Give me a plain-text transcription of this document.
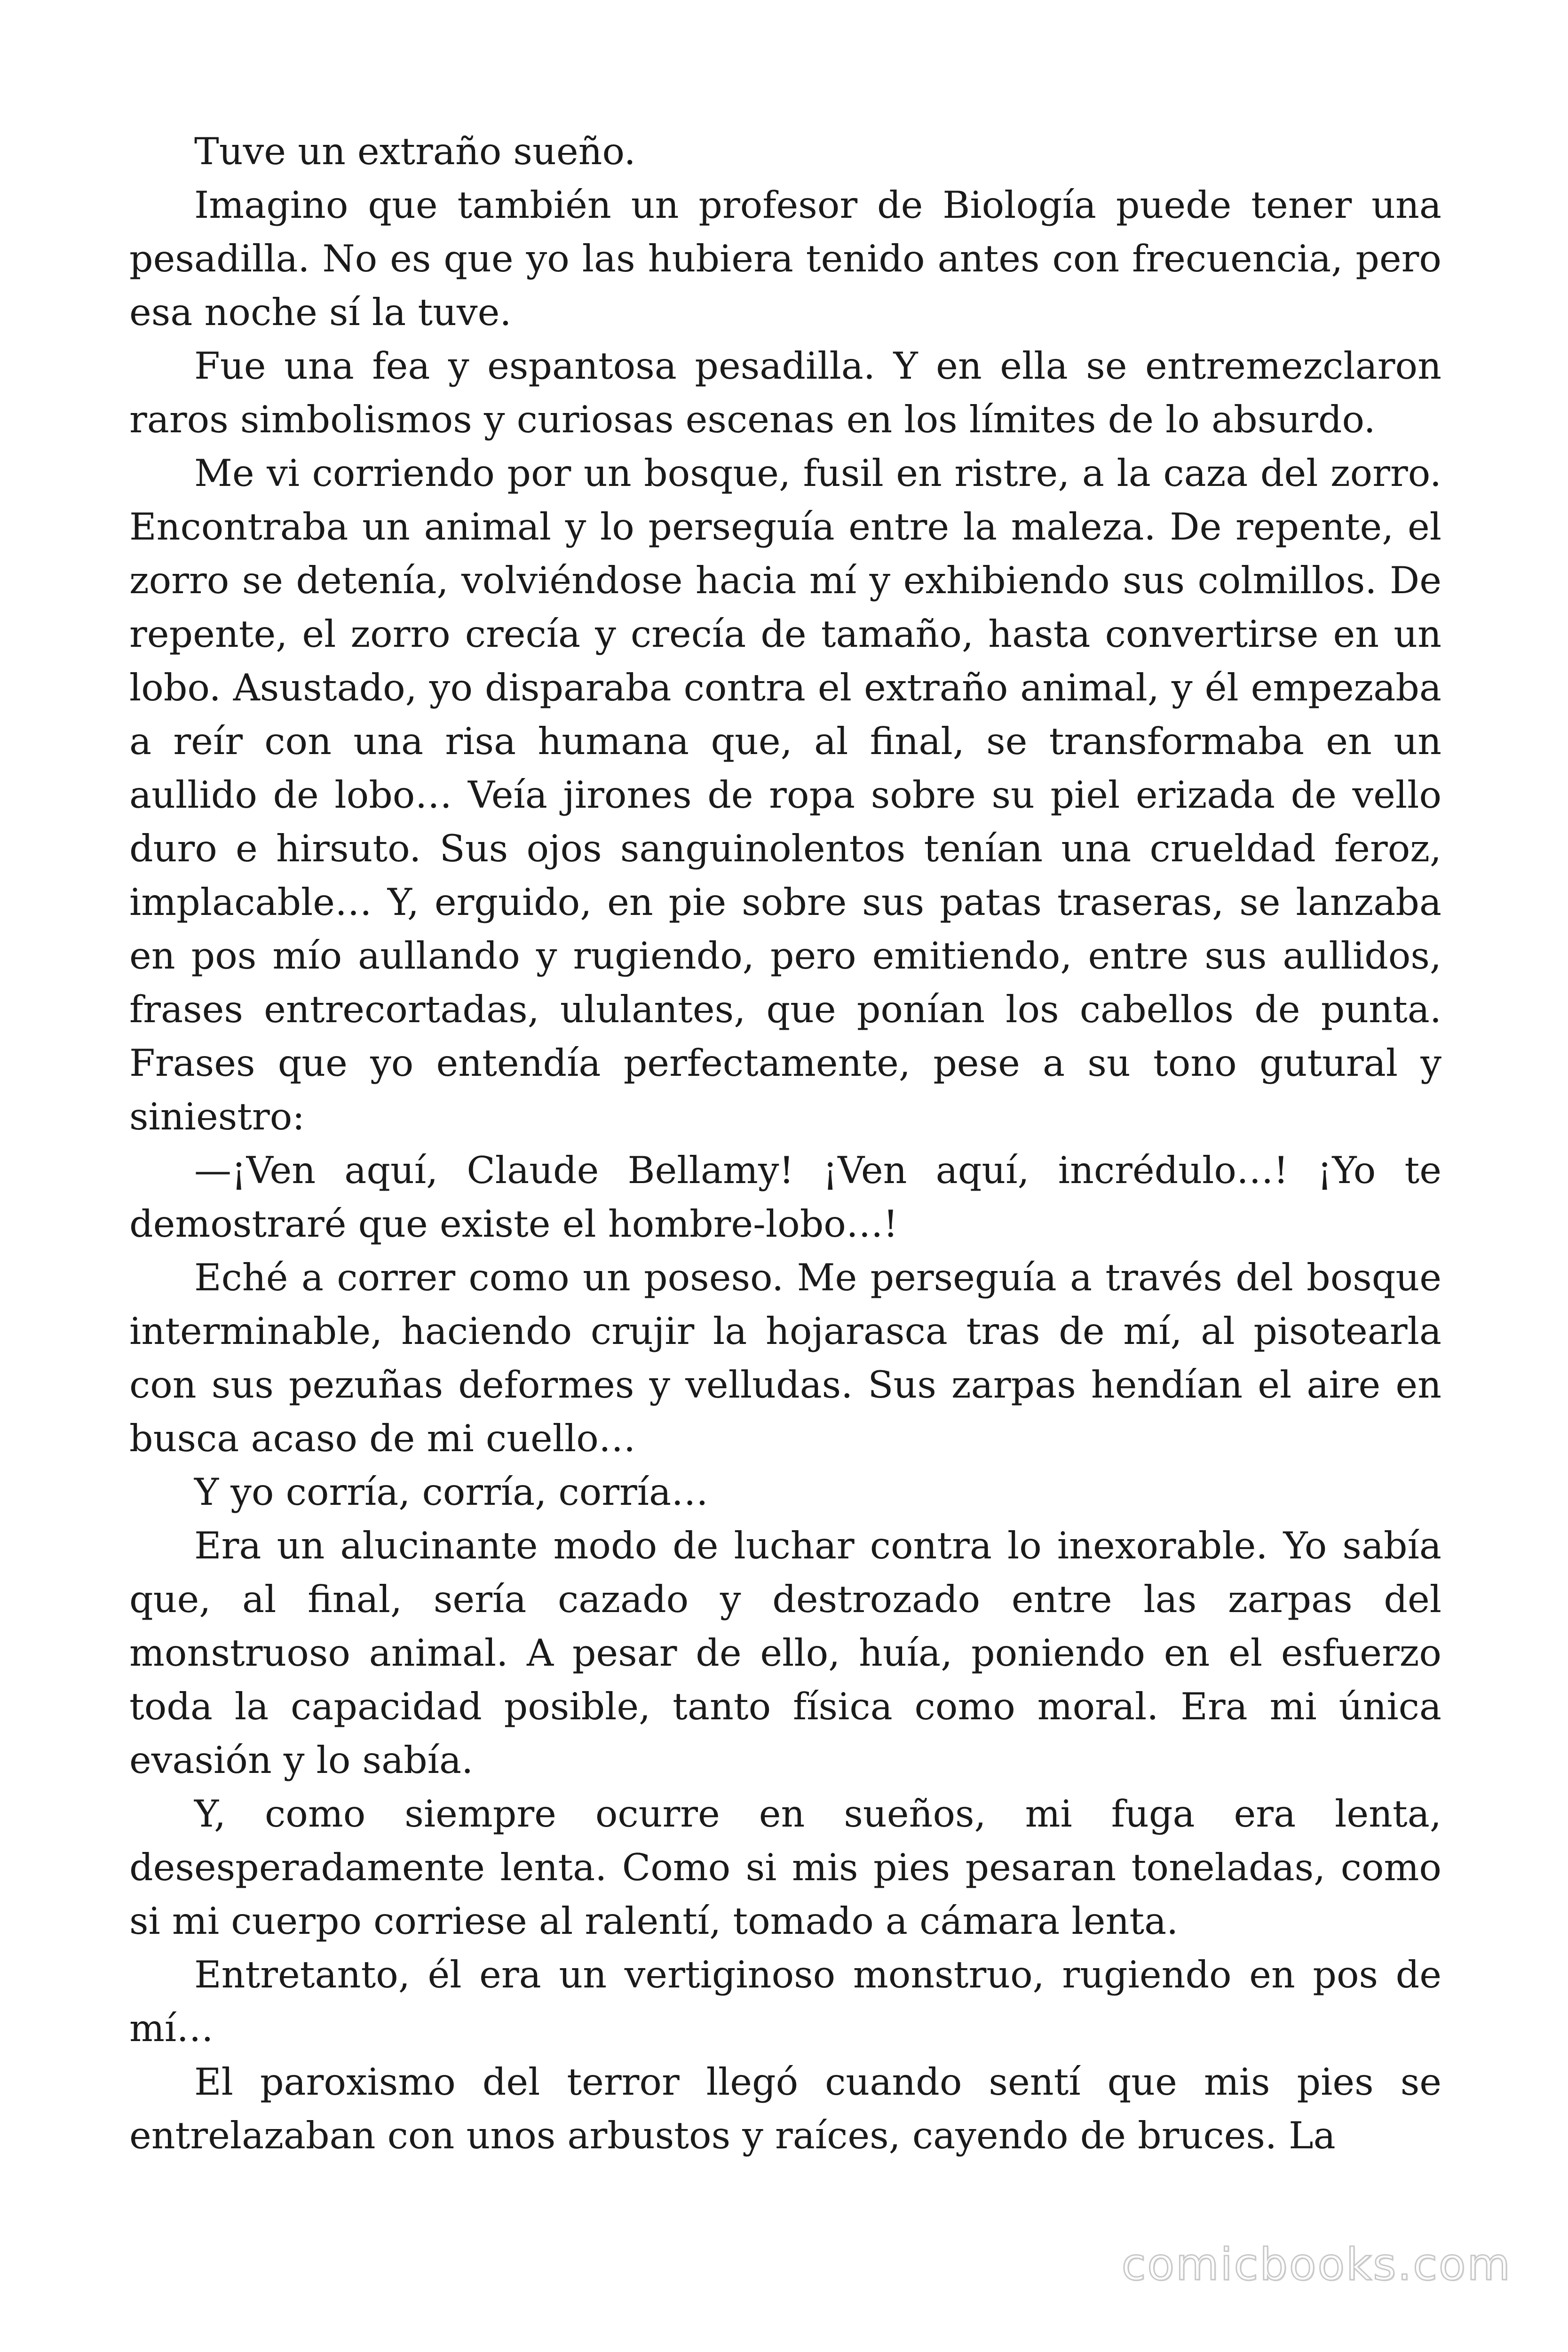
Tuve un extraño sueño.

Imagino que también un profesor de Biología puede tener una pesadilla. No es que yo las hubiera tenido antes con frecuencia, pero esa noche sí la tuve.

Fue una fea y espantosa pesadilla. Y en ella se entremezclaron raros simbolismos y curiosas escenas en los límites de lo absurdo.

Me vi corriendo por un bosque, fusil en ristre, a la caza del zorro. Encontraba un animal y lo perseguía entre la maleza. De repente, el zorro se detenía, volviéndose hacia mí y exhibiendo sus colmillos. De repente, el zorro crecía y crecía de tamaño, hasta convertirse en un lobo. Asustado, yo disparaba contra el extraño animal, y él empezaba a reír con una risa humana que, al final, se transformaba en un aullido de lobo… Veía jirones de ropa sobre su piel erizada de vello duro e hirsuto. Sus ojos sanguinolentos tenían una crueldad feroz, implacable… Y, erguido, en pie sobre sus patas traseras, se lanzaba en pos mío aullando y rugiendo, pero emitiendo, entre sus aullidos, frases entrecortadas, ululantes, que ponían los cabellos de punta. Frases que yo entendía perfectamente, pese a su tono gutural y siniestro:

—¡Ven aquí, Claude Bellamy! ¡Ven aquí, incrédulo…! ¡Yo te demostraré que existe el hombre-lobo…!

Eché a correr como un poseso. Me perseguía a través del bosque interminable, haciendo crujir la hojarasca tras de mí, al pisotearla con sus pezuñas deformes y velludas. Sus zarpas hendían el aire en busca acaso de mi cuello…

Y yo corría, corría, corría…

Era un alucinante modo de luchar contra lo inexorable. Yo sabía que, al final, sería cazado y destrozado entre las zarpas del monstruoso animal. A pesar de ello, huía, poniendo en el esfuerzo toda la capacidad posible, tanto física como moral. Era mi única evasión y lo sabía.

Y, como siempre ocurre en sueños, mi fuga era lenta, desesperadamente lenta. Como si mis pies pesaran toneladas, como si mi cuerpo corriese al ralentí, tomado a cámara lenta.

Entretanto, él era un vertiginoso monstruo, rugiendo en pos de mí…

El paroxismo del terror llegó cuando sentí que mis pies se entrelazaban con unos arbustos y raíces, cayendo de bruces. La

comicbooks.com
